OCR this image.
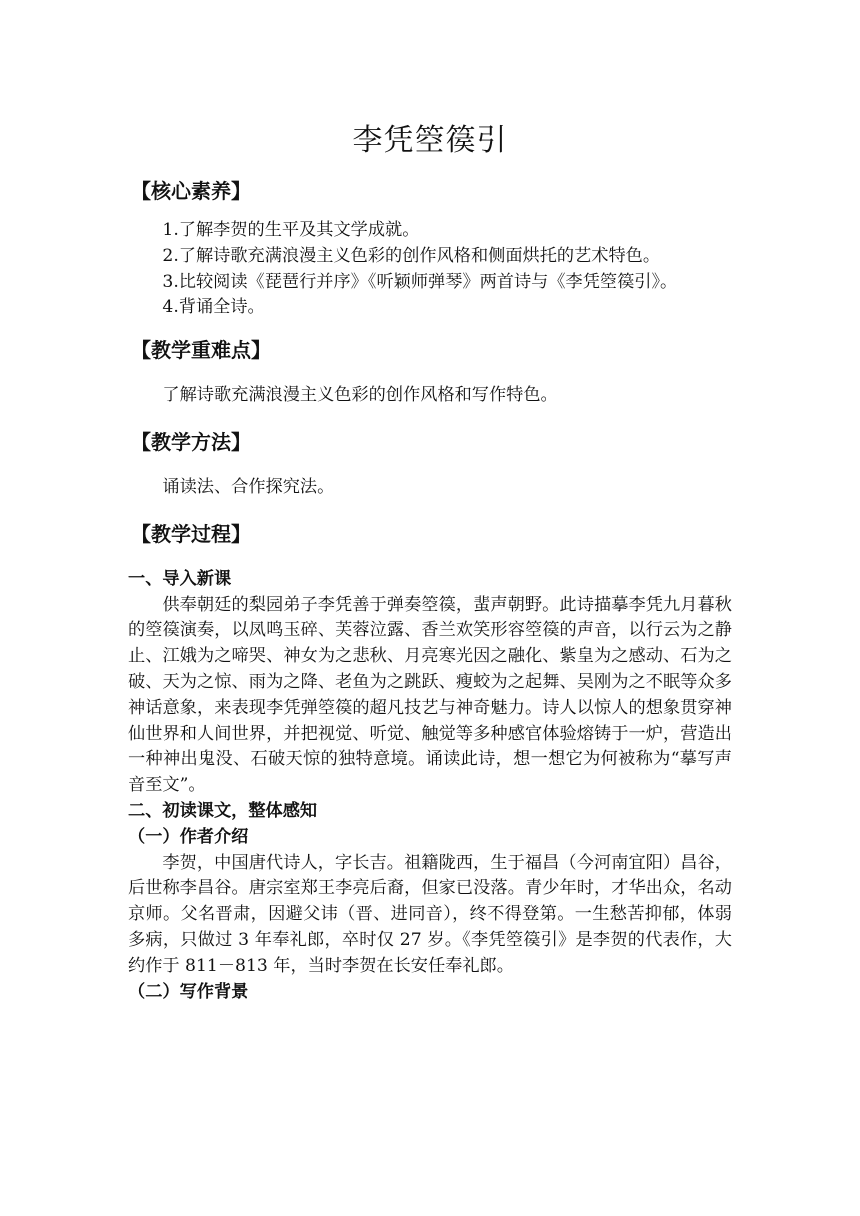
李凭箜篌引
【核心素养】
1.了解李贺的生平及其文学成就。
2.了解诗歌充满浪漫主义色彩的创作风格和侧面烘托的艺术特色。
3.比较阅读《琵琶行并序》《听颖师弹琴》两首诗与《李凭箜篌引》。
4.背诵全诗。
【教学重难点】

了解诗歌充满浪漫主义色彩的创作风格和写作特色。

【教学方法】

诵读法、合作探究法。

【教学过程】
一、导入新课

供奉朝廷的梨园弟子李凭善于弹奏箜篌，蜚声朝野。此诗描摹李凭九月暮秋的箜篌演奏，以凤鸣玉碎、芙蓉泣露、香兰欢笑形容箜篌的声音，以行云为之静止、江娥为之啼哭、神女为之悲秋、月亮寒光因之融化、紫皇为之感动、石为之破、天为之惊、雨为之降、老鱼为之跳跃、瘦蛟为之起舞、吴刚为之不眠等众多神话意象，来表现李凭弹箜篌的超凡技艺与神奇魅力。诗人以惊人的想象贯穿神仙世界和人间世界，并把视觉、听觉、触觉等多种感官体验熔铸于一炉，营造出一种神出鬼没、石破天惊的独特意境。诵读此诗，想一想它为何被称为“摹写声音至文”。

二、初读课文，整体感知
（一）作者介绍

李贺，中国唐代诗人，字长吉。祖籍陇西，生于福昌（今河南宜阳）昌谷，后世称李昌谷。唐宗室郑王李亮后裔，但家已没落。青少年时，才华出众，名动京师。父名晋肃，因避父讳（晋、进同音），终不得登第。一生愁苦抑郁，体弱多病，只做过 3 年奉礼郎，卒时仅 27 岁。《李凭箜篌引》是李贺的代表作，大约作于 811－813 年，当时李贺在长安任奉礼郎。

（二）写作背景
